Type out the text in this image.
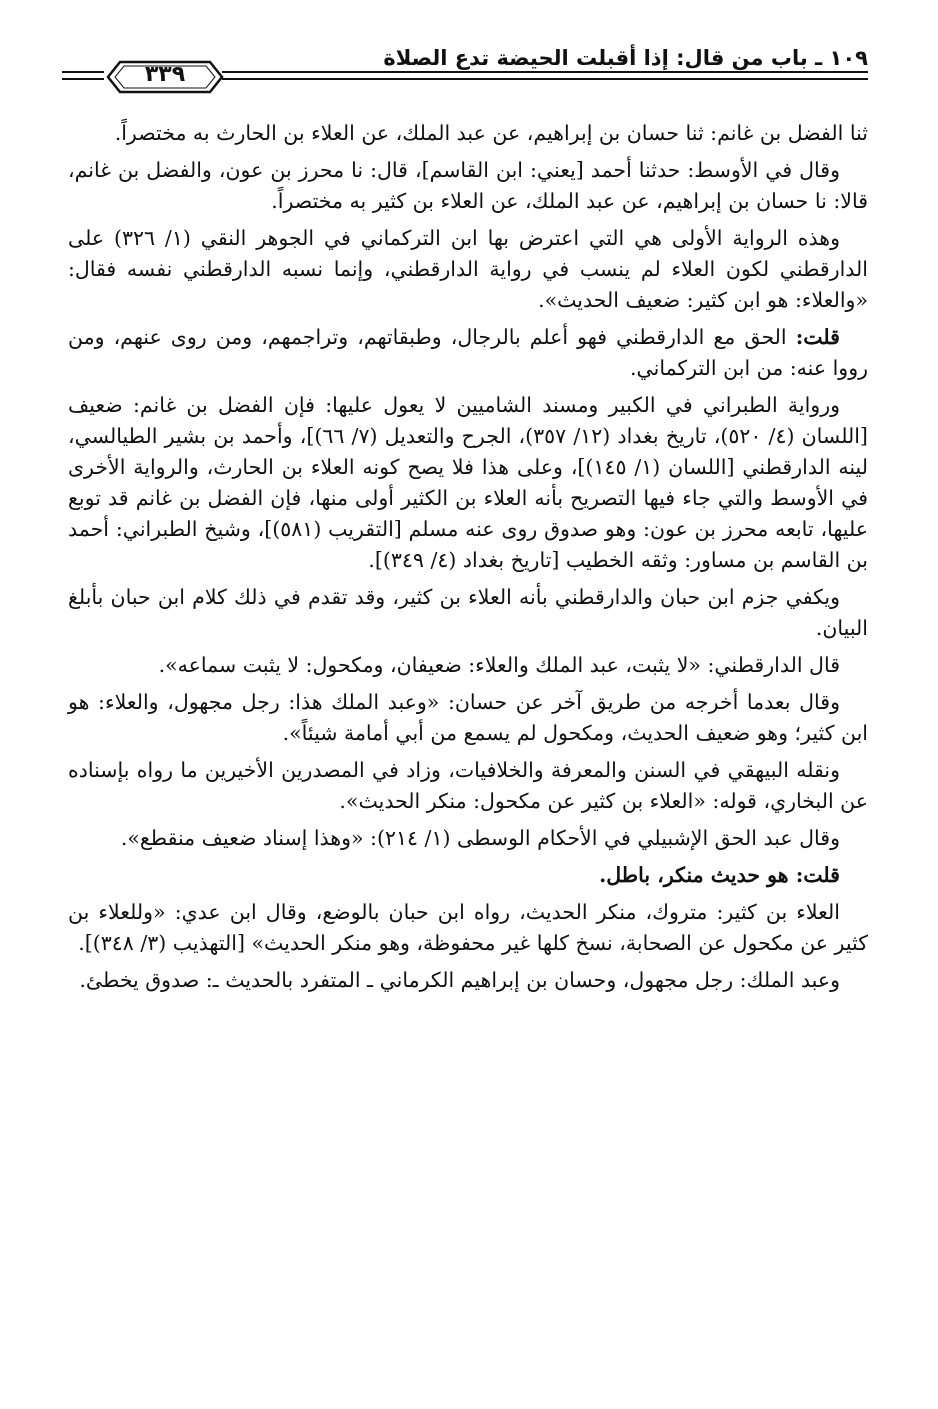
١٠٩ ـ باب من قال: إذا أقبلت الحيضة تدع الصلاة
٣٣٩

ثنا الفضل بن غانم: ثنا حسان بن إبراهيم، عن عبد الملك، عن العلاء بن الحارث به مختصراً.

وقال في الأوسط: حدثنا أحمد [يعني: ابن القاسم]، قال: نا محرز بن عون، والفضل بن غانم، قالا: نا حسان بن إبراهيم، عن عبد الملك، عن العلاء بن كثير به مختصراً.

وهذه الرواية الأولى هي التي اعترض بها ابن التركماني في الجوهر النقي (١/ ٣٢٦) على الدارقطني لكون العلاء لم ينسب في رواية الدارقطني، وإنما نسبه الدارقطني نفسه فقال: «والعلاء: هو ابن كثير: ضعيف الحديث».

قلت: الحق مع الدارقطني فهو أعلم بالرجال، وطبقاتهم، وتراجمهم، ومن روى عنهم، ومن رووا عنه: من ابن التركماني.

ورواية الطبراني في الكبير ومسند الشاميين لا يعول عليها: فإن الفضل بن غانم: ضعيف [اللسان (٤/ ٥٢٠)، تاريخ بغداد (١٢/ ٣٥٧)، الجرح والتعديل (٧/ ٦٦)]، وأحمد بن بشير الطيالسي، لينه الدارقطني [اللسان (١/ ١٤٥)]، وعلى هذا فلا يصح كونه العلاء بن الحارث، والرواية الأخرى في الأوسط والتي جاء فيها التصريح بأنه العلاء بن الكثير أولى منها، فإن الفضل بن غانم قد توبع عليها، تابعه محرز بن عون: وهو صدوق روى عنه مسلم [التقريب (٥٨١)]، وشيخ الطبراني: أحمد بن القاسم بن مساور: وثقه الخطيب [تاريخ بغداد (٤/ ٣٤٩)].

ويكفي جزم ابن حبان والدارقطني بأنه العلاء بن كثير، وقد تقدم في ذلك كلام ابن حبان بأبلغ البيان.

قال الدارقطني: «لا يثبت، عبد الملك والعلاء: ضعيفان، ومكحول: لا يثبت سماعه».

وقال بعدما أخرجه من طريق آخر عن حسان: «وعبد الملك هذا: رجل مجهول، والعلاء: هو ابن كثير؛ وهو ضعيف الحديث، ومكحول لم يسمع من أبي أمامة شيئاً».

ونقله البيهقي في السنن والمعرفة والخلافيات، وزاد في المصدرين الأخيرين ما رواه بإسناده عن البخاري، قوله: «العلاء بن كثير عن مكحول: منكر الحديث».

وقال عبد الحق الإشبيلي في الأحكام الوسطى (١/ ٢١٤): «وهذا إسناد ضعيف منقطع».

قلت: هو حديث منكر، باطل.

العلاء بن كثير: متروك، منكر الحديث، رواه ابن حبان بالوضع، وقال ابن عدي: «وللعلاء بن كثير عن مكحول عن الصحابة، نسخ كلها غير محفوظة، وهو منكر الحديث» [التهذيب (٣/ ٣٤٨)].

وعبد الملك: رجل مجهول، وحسان بن إبراهيم الكرماني ـ المتفرد بالحديث ـ: صدوق يخطئ.
